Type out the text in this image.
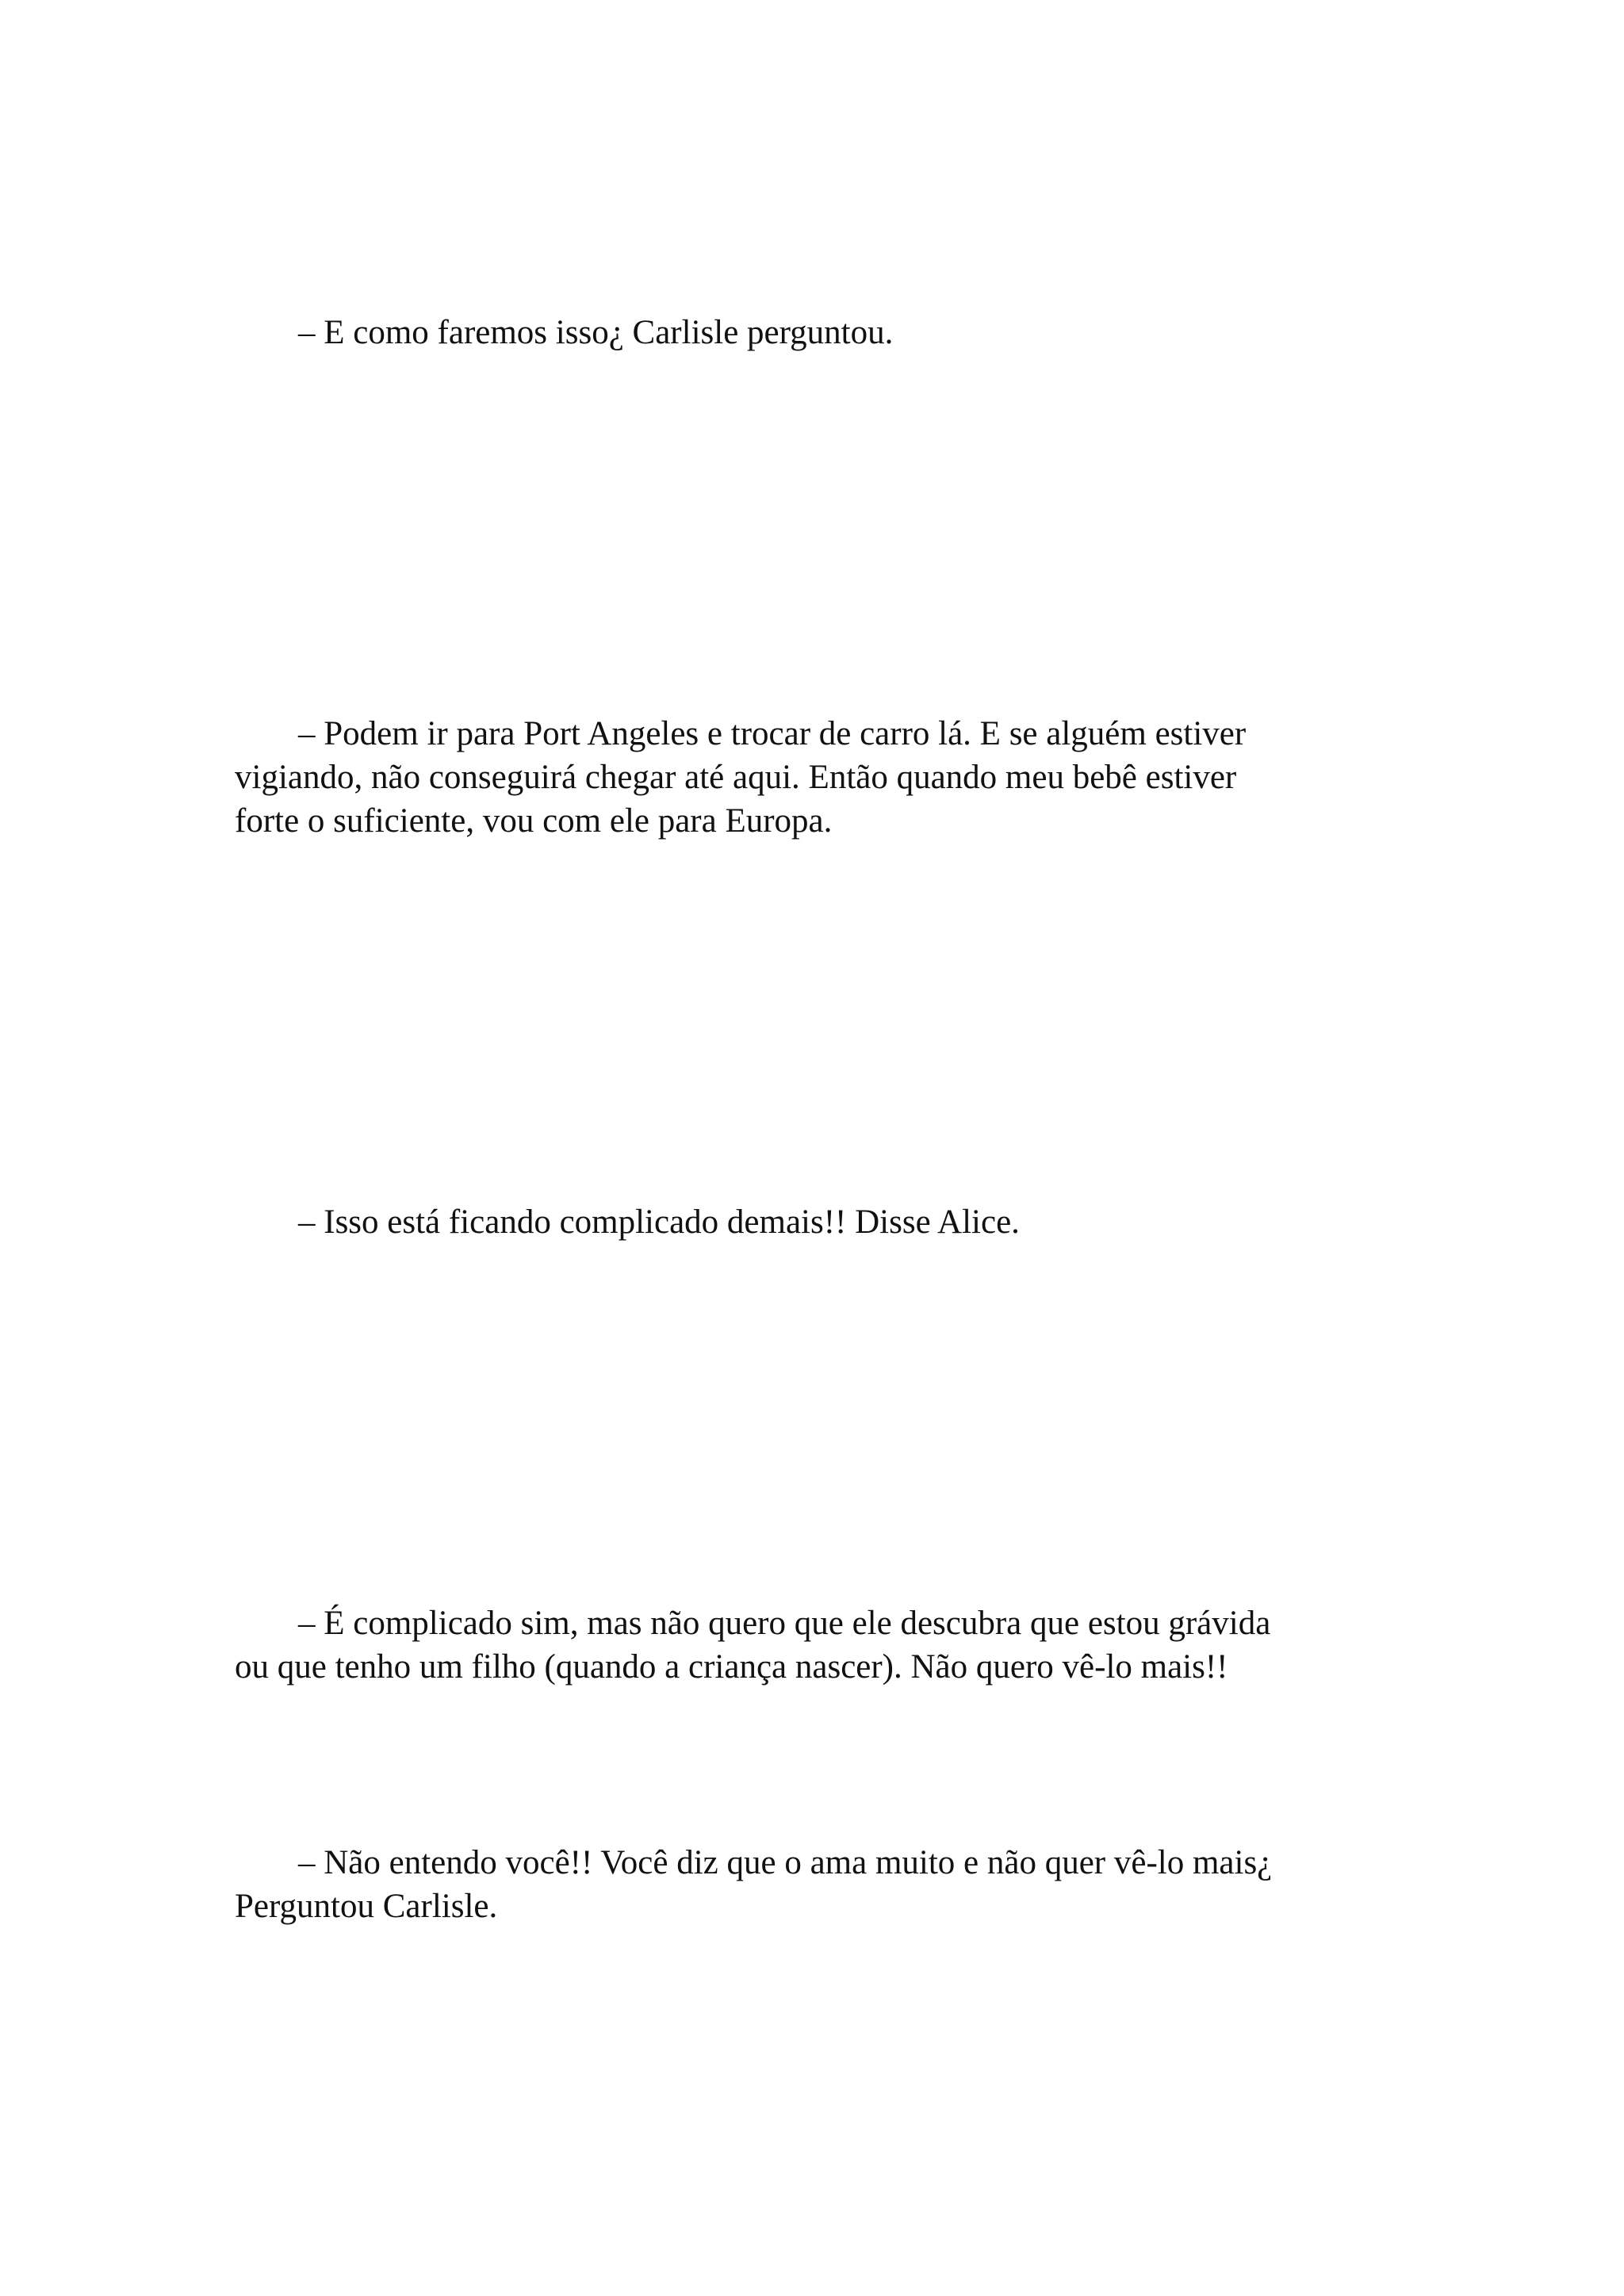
– E como faremos isso¿ Carlisle perguntou.

– Podem ir para Port Angeles e trocar de carro lá. E se alguém estiver
vigiando, não conseguirá chegar até aqui. Então quando meu bebê estiver
forte o suficiente, vou com ele para Europa.

– Isso está ficando complicado demais!! Disse Alice.

– É complicado sim, mas não quero que ele descubra que estou grávida
ou que tenho um filho (quando a criança nascer). Não quero vê-lo mais!!

– Não entendo você!! Você diz que o ama muito e não quer vê-lo mais¿
Perguntou Carlisle.
